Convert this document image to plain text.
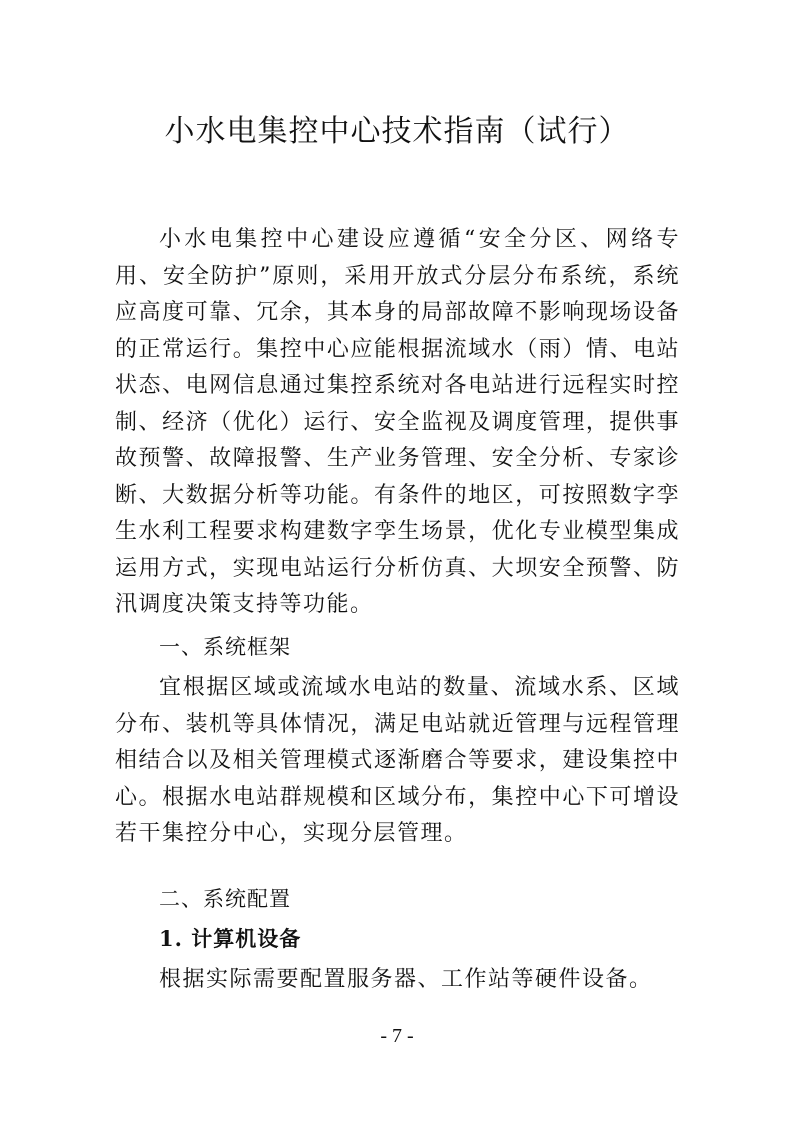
小水电集控中心技术指南（试行）

小水电集控中心建设应遵循“安全分区、网络专用、安全防护”原则，采用开放式分层分布系统，系统应高度可靠、冗余，其本身的局部故障不影响现场设备的正常运行。集控中心应能根据流域水（雨）情、电站状态、电网信息通过集控系统对各电站进行远程实时控制、经济（优化）运行、安全监视及调度管理，提供事故预警、故障报警、生产业务管理、安全分析、专家诊断、大数据分析等功能。有条件的地区，可按照数字孪生水利工程要求构建数字孪生场景，优化专业模型集成运用方式，实现电站运行分析仿真、大坝安全预警、防汛调度决策支持等功能。

一、系统框架

宜根据区域或流域水电站的数量、流域水系、区域分布、装机等具体情况，满足电站就近管理与远程管理相结合以及相关管理模式逐渐磨合等要求，建设集控中心。根据水电站群规模和区域分布，集控中心下可增设若干集控分中心，实现分层管理。

二、系统配置
1. 计算机设备

根据实际需要配置服务器、工作站等硬件设备。

- 7 -
